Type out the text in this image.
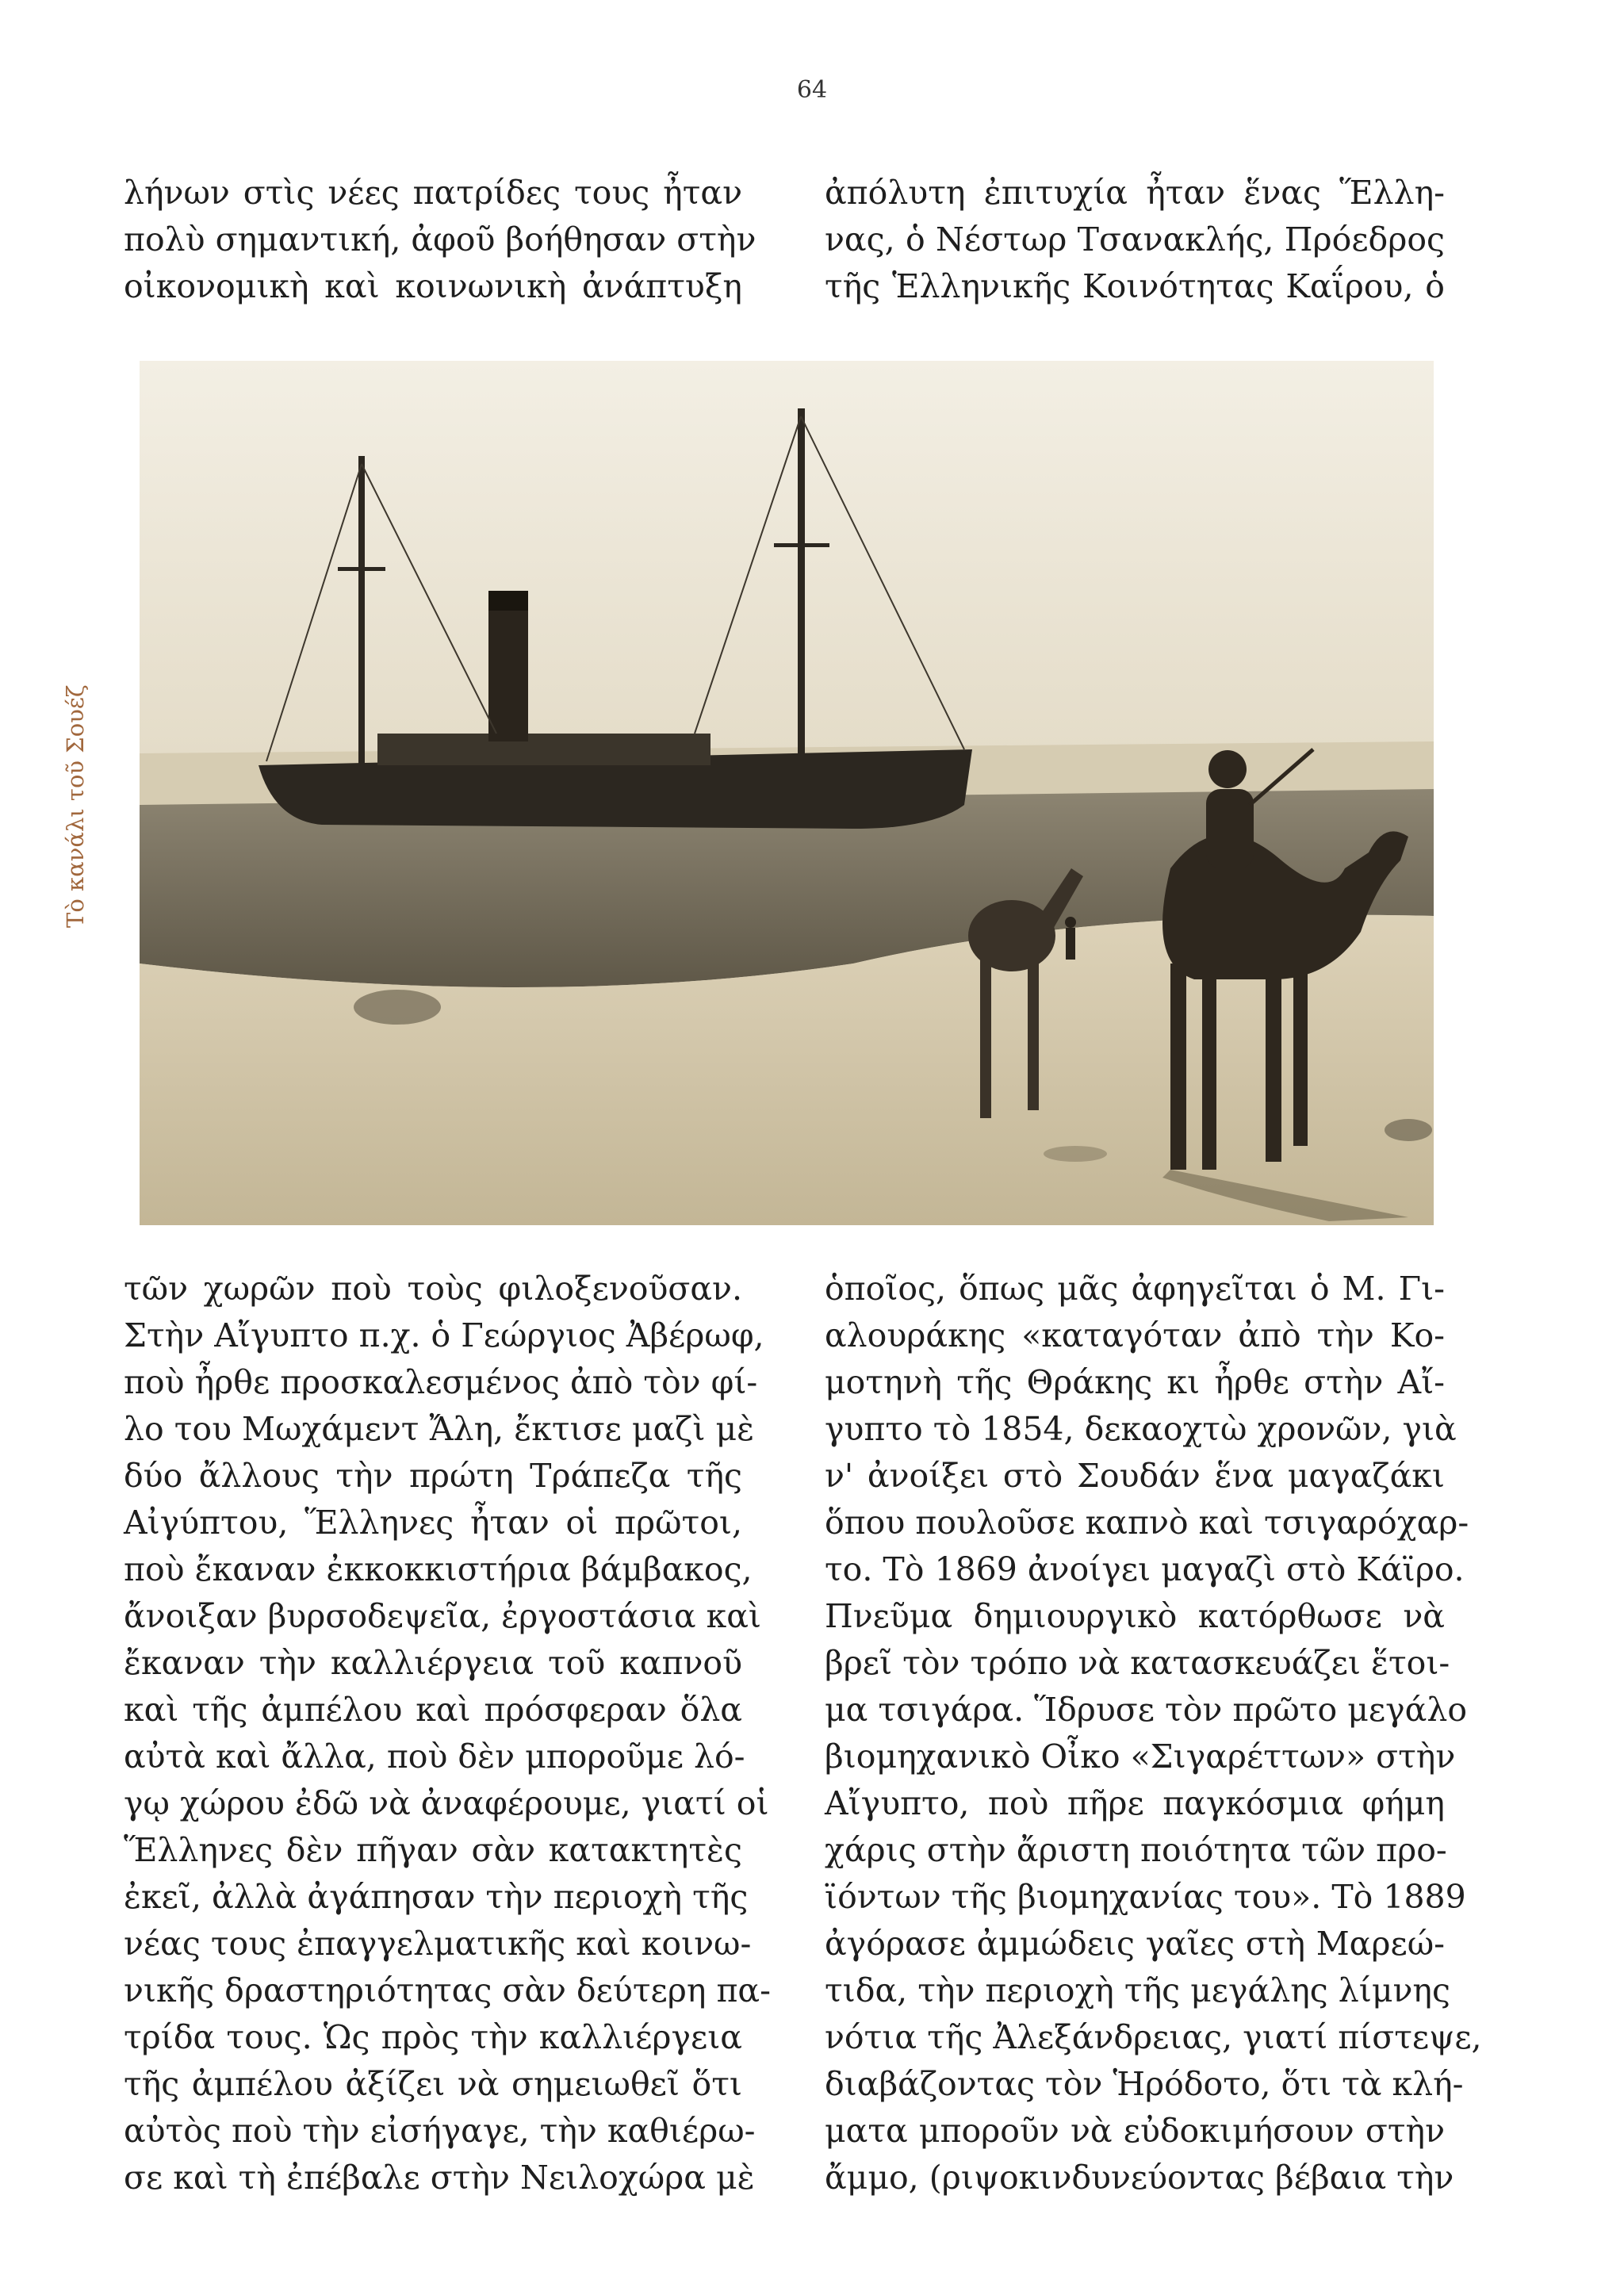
64
Τὸ κανάλι τοῦ Σουέζ
λήνων στὶς νέες πατρίδες τους ἦταν
πολὺ σημαντική, ἀφοῦ βοήθησαν στὴν
οἰκονομικὴ καὶ κοινωνικὴ ἀνάπτυξη
ἀπόλυτη ἐπιτυχία ἦταν ἕνας Ἕλλη-
νας, ὁ Νέστωρ Τσανακλής, Πρόεδρος
τῆς Ἑλληνικῆς Κοινότητας Καΐρου, ὁ
τῶν χωρῶν ποὺ τοὺς φιλοξενοῦσαν.
Στὴν Αἴγυπτο π.χ. ὁ Γεώργιος Ἀβέρωφ,
ποὺ ἦρθε προσκαλεσμένος ἀπὸ τὸν φί-
λο του Μωχάμεντ Ἄλη, ἔκτισε μαζὶ μὲ
δύο ἄλλους τὴν πρώτη Τράπεζα τῆς
Αἰγύπτου, Ἕλληνες ἦταν οἱ πρῶτοι,
ποὺ ἔκαναν ἐκκοκκιστήρια βάμβακος,
ἄνοιξαν βυρσοδεψεῖα, ἐργοστάσια καὶ
ἔκαναν τὴν καλλιέργεια τοῦ καπνοῦ
καὶ τῆς ἀμπέλου καὶ πρόσφεραν ὅλα
αὐτὰ καὶ ἄλλα, ποὺ δὲν μποροῦμε λό-
γῳ χώρου ἐδῶ νὰ ἀναφέρουμε, γιατί οἱ
Ἕλληνες δὲν πῆγαν σὰν κατακτητὲς
ἐκεῖ, ἀλλὰ ἀγάπησαν τὴν περιοχὴ τῆς
νέας τους ἐπαγγελματικῆς καὶ κοινω-
νικῆς δραστηριότητας σὰν δεύτερη πα-
τρίδα τους. Ὡς πρὸς τὴν καλλιέργεια
τῆς ἀμπέλου ἀξίζει νὰ σημειωθεῖ ὅτι
αὐτὸς ποὺ τὴν εἰσήγαγε, τὴν καθιέρω-
σε καὶ τὴ ἐπέβαλε στὴν Νειλοχώρα μὲ
ὁποῖος, ὅπως μᾶς ἀφηγεῖται ὁ Μ. Γι-
αλουράκης «καταγόταν ἀπὸ τὴν Κο-
μοτηνὴ τῆς Θράκης κι ἦρθε στὴν Αἴ-
γυπτο τὸ 1854, δεκαοχτὼ χρονῶν, γιὰ
ν' ἀνοίξει στὸ Σουδάν ἕνα μαγαζάκι
ὅπου πουλοῦσε καπνὸ καὶ τσιγαρόχαρ-
το. Τὸ 1869 ἀνοίγει μαγαζὶ στὸ Κάϊρο.
Πνεῦμα δημιουργικὸ κατόρθωσε νὰ
βρεῖ τὸν τρόπο νὰ κατασκευάζει ἕτοι-
μα τσιγάρα. Ἵδρυσε τὸν πρῶτο μεγάλο
βιομηχανικὸ Οἶκο «Σιγαρέττων» στὴν
Αἴγυπτο, ποὺ πῆρε παγκόσμια φήμη
χάρις στὴν ἄριστη ποιότητα τῶν προ-
ϊόντων τῆς βιομηχανίας του». Τὸ 1889
ἀγόρασε ἀμμώδεις γαῖες στὴ Μαρεώ-
τιδα, τὴν περιοχὴ τῆς μεγάλης λίμνης
νότια τῆς Ἀλεξάνδρειας, γιατί πίστεψε,
διαβάζοντας τὸν Ἡρόδοτο, ὅτι τὰ κλή-
ματα μποροῦν νὰ εὐδοκιμήσουν στὴν
ἄμμο, (ριψοκινδυνεύοντας βέβαια τὴν
